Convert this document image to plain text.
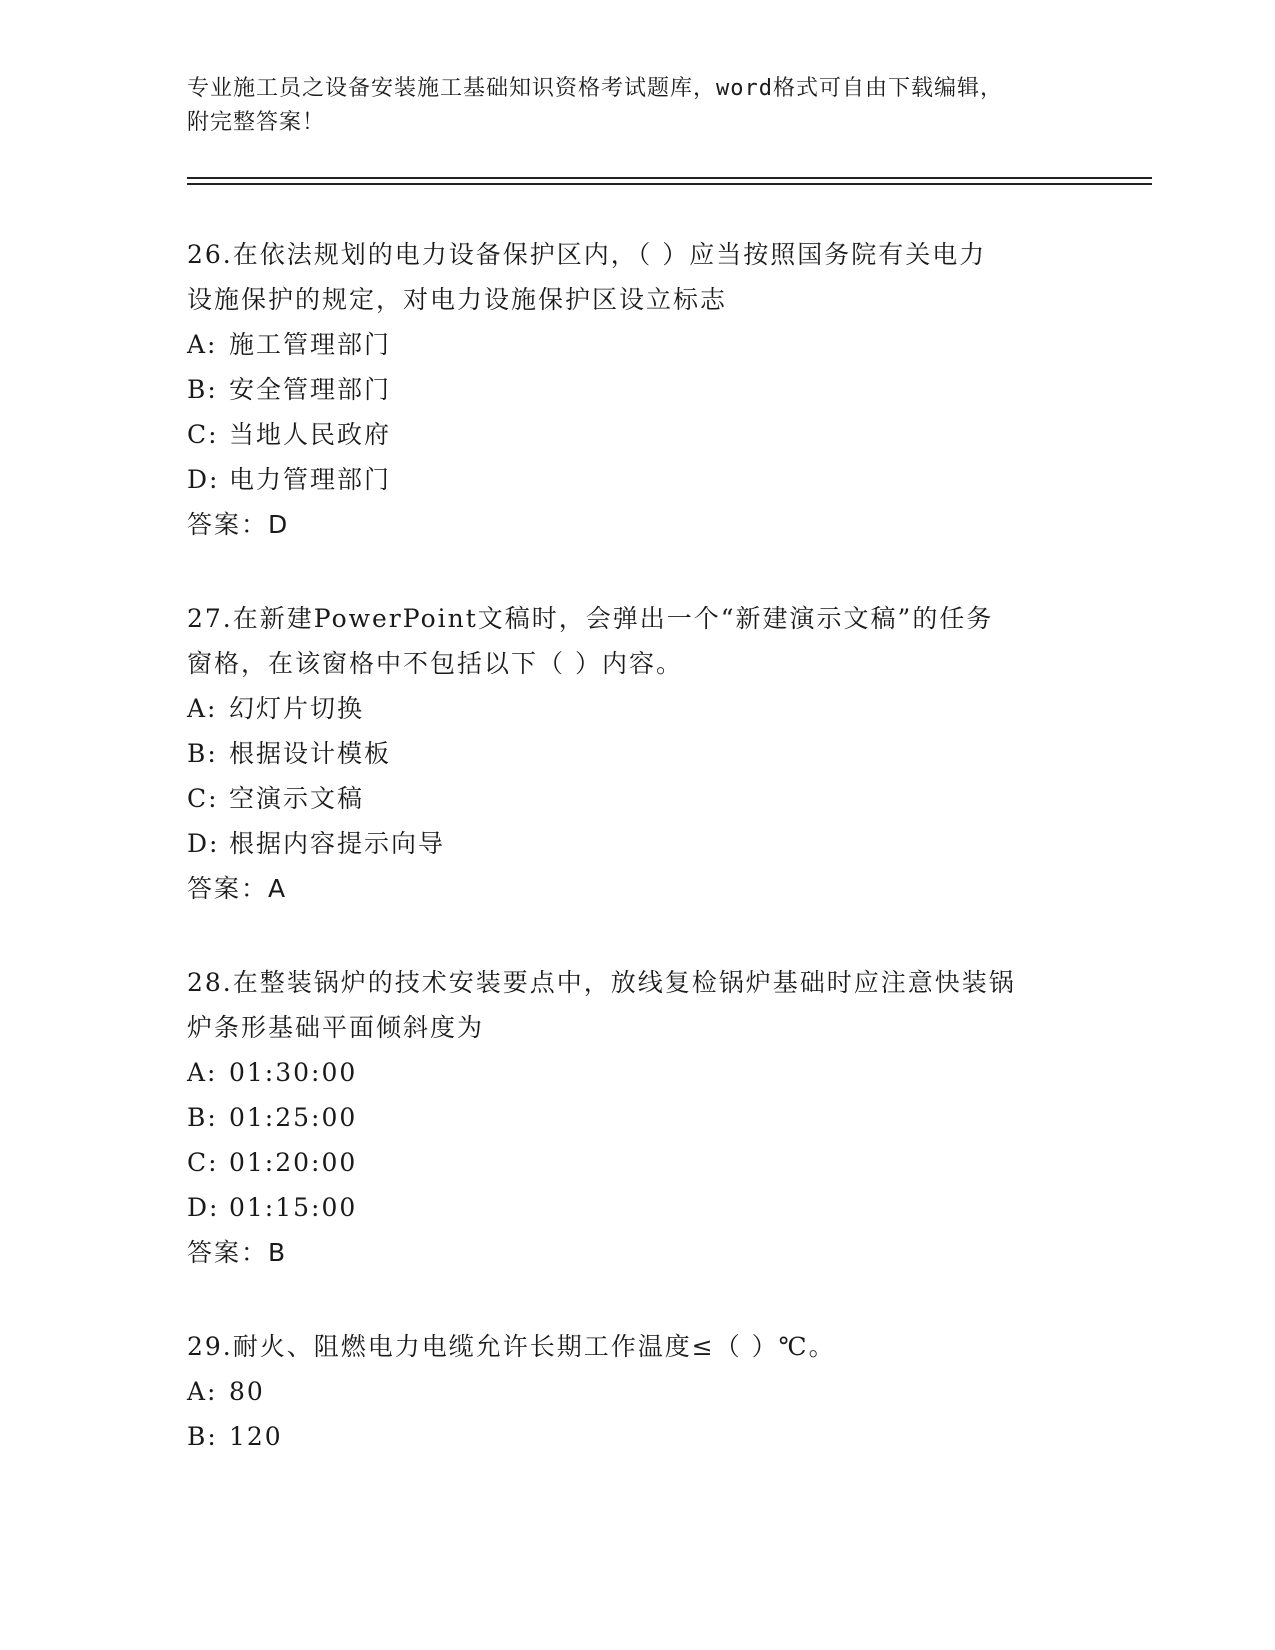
专业施工员之设备安装施工基础知识资格考试题库，word格式可自由下载编辑，
附完整答案！

26.在依法规划的电力设备保护区内，（ ）应当按照国务院有关电力

设施保护的规定，对电力设施保护区设立标志

A: 施工管理部门

B: 安全管理部门

C: 当地人民政府

D: 电力管理部门

答案：D

27.在新建PowerPoint文稿时，会弹出一个“新建演示文稿”的任务

窗格，在该窗格中不包括以下（ ）内容。

A: 幻灯片切换

B: 根据设计模板

C: 空演示文稿

D: 根据内容提示向导

答案：A

28.在整装锅炉的技术安装要点中，放线复检锅炉基础时应注意快装锅

炉条形基础平面倾斜度为

A: 01:30:00

B: 01:25:00

C: 01:20:00

D: 01:15:00

答案：B

29.耐火、阻燃电力电缆允许长期工作温度≤（ ）℃。

A: 80

B: 120
